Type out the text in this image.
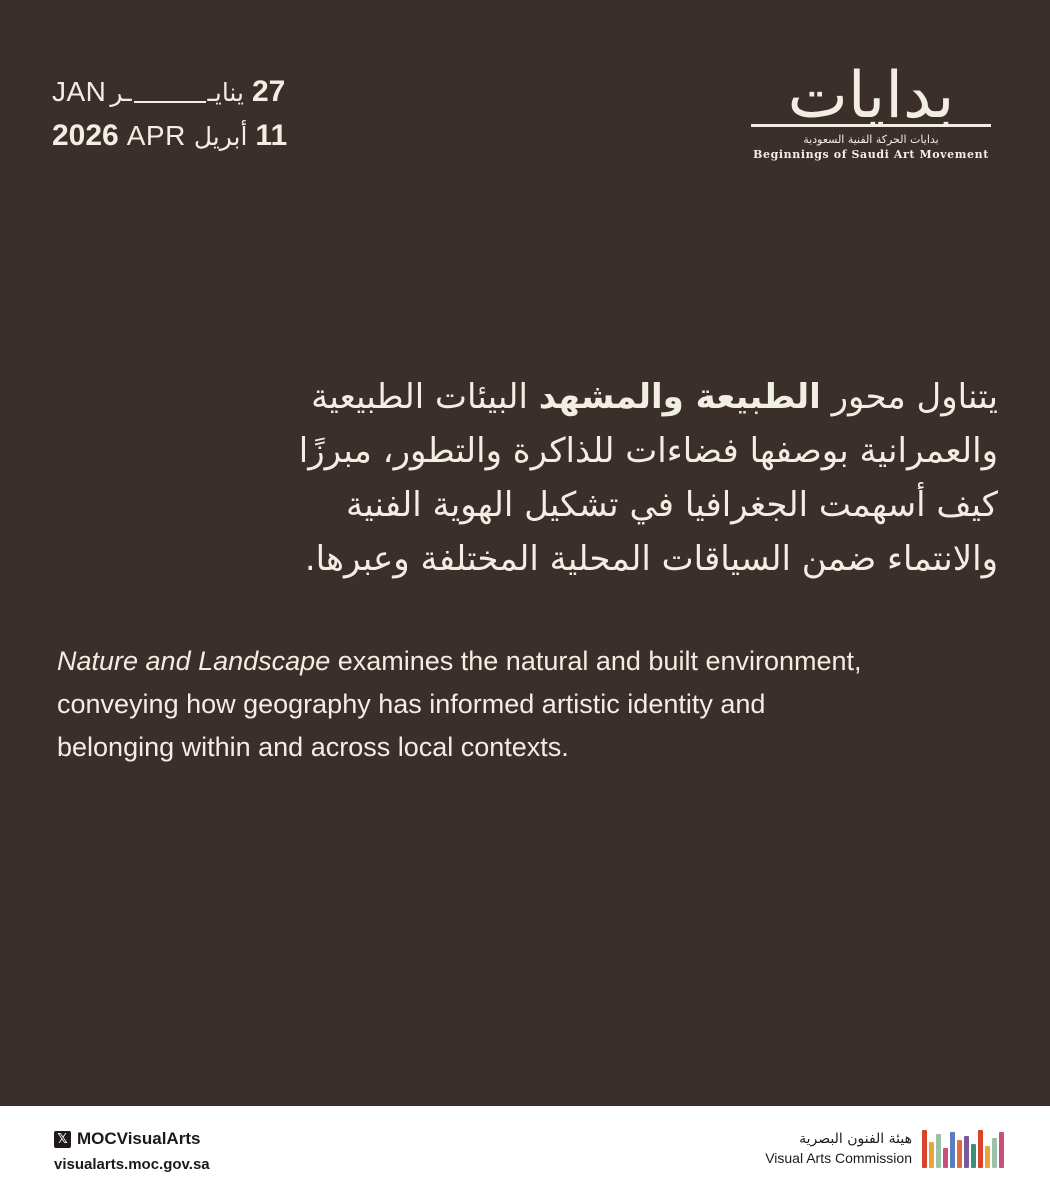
JAN ـر	ينايـ 27
2026 APR أبريل 11
بدايات
بدايات الحركة الفنية السعودية
Beginnings of Saudi Art Movement
يتناول محور الطبيعة والمشهد البيئات الطبيعية والعمرانية بوصفها فضاءات للذاكرة والتطور، مبرزًا كيف أسهمت الجغرافيا في تشكيل الهوية الفنية والانتماء ضمن السياقات المحلية المختلفة وعبرها.
Nature and Landscape examines the natural and built environment, conveying how geography has informed artistic identity and belonging within and across local contexts.
𝕏 MOCVisualArts
visualarts.moc.gov.sa
هيئة الفنون البصرية
Visual Arts Commission
